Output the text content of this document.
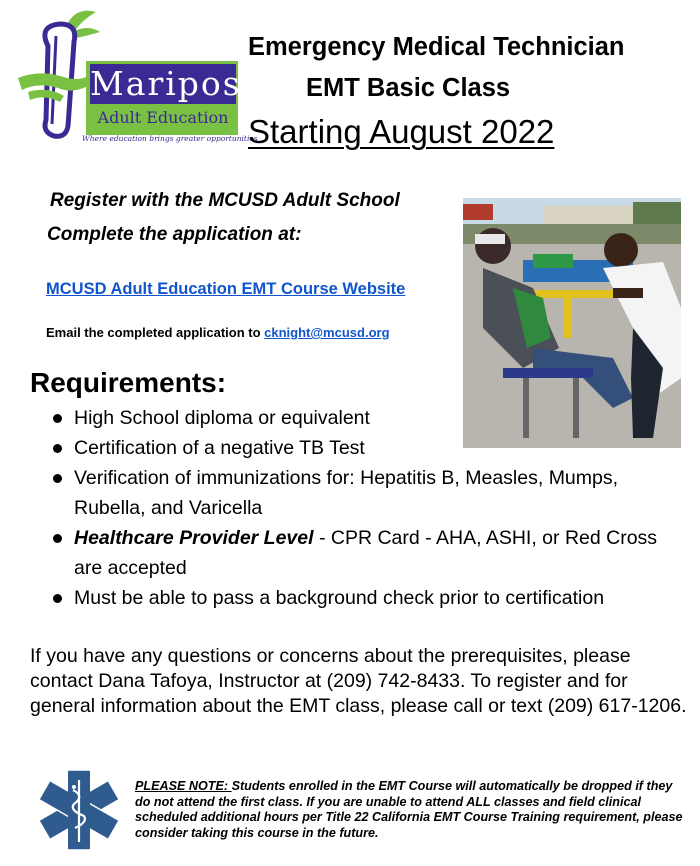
Mariposa
Adult Education
Where education brings greater opportunities
Emergency Medical Technician
EMT Basic Class
Starting August 2022
Register with the MCUSD Adult School
Complete the application at:
MCUSD Adult Education EMT Course Website
Email the completed application to cknight@mcusd.org
Requirements:
High School diploma or equivalent
Certification of a negative TB Test
Verification of immunizations for: Hepatitis B, Measles, Mumps, Rubella, and Varicella
Healthcare Provider Level - CPR Card - AHA, ASHI, or Red Cross are accepted
Must be able to pass a background check prior to certification
If you have any questions or concerns about the prerequisites, please contact Dana Tafoya, Instructor at (209) 742-8433. To register and for general information about the EMT class, please call or text (209) 617-1206.
PLEASE NOTE: Students enrolled in the EMT Course will automatically be dropped if they do not attend the first class. If you are unable to attend ALL classes and field clinical scheduled additional hours per Title 22 California EMT Course Training requirement, please consider taking this course in the future.
